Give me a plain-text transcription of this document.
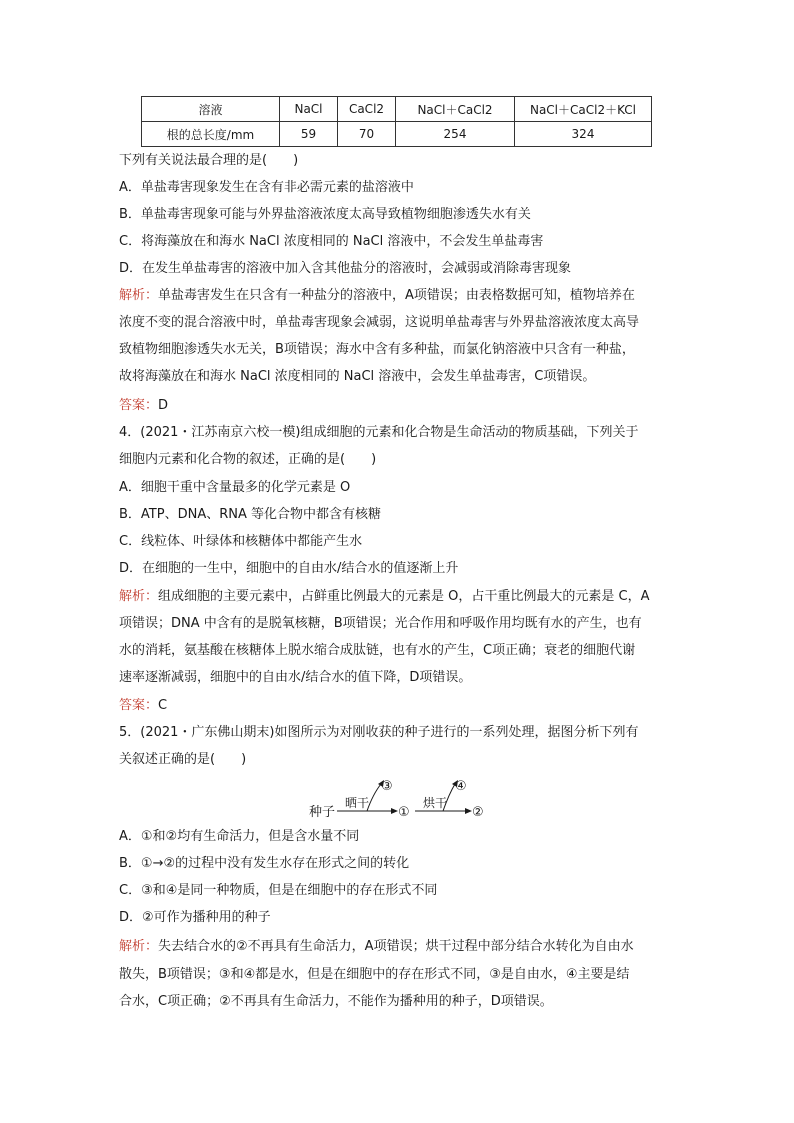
溶液	NaCl	CaCl2	NaCl＋CaCl2	NaCl＋CaCl2＋KCl
根的总长度/mm	59	70	254	324
下列有关说法最合理的是(　　)
A．单盐毒害现象发生在含有非必需元素的盐溶液中
B．单盐毒害现象可能与外界盐溶液浓度太高导致植物细胞渗透失水有关
C．将海藻放在和海水 NaCl 浓度相同的 NaCl 溶液中，不会发生单盐毒害
D．在发生单盐毒害的溶液中加入含其他盐分的溶液时，会减弱或消除毒害现象
解析：单盐毒害发生在只含有一种盐分的溶液中，A项错误；由表格数据可知，植物培养在
浓度不变的混合溶液中时，单盐毒害现象会减弱，这说明单盐毒害与外界盐溶液浓度太高导
致植物细胞渗透失水无关，B项错误；海水中含有多种盐，而氯化钠溶液中只含有一种盐，
故将海藻放在和海水 NaCl 浓度相同的 NaCl 溶液中，会发生单盐毒害，C项错误。
答案：D
4．(2021・江苏南京六校一模)组成细胞的元素和化合物是生命活动的物质基础，下列关于
细胞内元素和化合物的叙述，正确的是(　　)
A．细胞干重中含量最多的化学元素是 O
B．ATP、DNA、RNA 等化合物中都含有核糖
C．线粒体、叶绿体和核糖体中都能产生水
D．在细胞的一生中，细胞中的自由水/结合水的值逐渐上升
解析：组成细胞的主要元素中，占鲜重比例最大的元素是 O，占干重比例最大的元素是 C，A
项错误；DNA 中含有的是脱氧核糖，B项错误；光合作用和呼吸作用均既有水的产生，也有
水的消耗，氨基酸在核糖体上脱水缩合成肽链，也有水的产生，C项正确；衰老的细胞代谢
速率逐渐减弱，细胞中的自由水/结合水的值下降，D项错误。
答案：C
5．(2021・广东佛山期末)如图所示为对刚收获的种子进行的一系列处理，据图分析下列有
关叙述正确的是(　　)
种子
晒干
③
①
烘干
④
②
A．①和②均有生命活力，但是含水量不同
B．①→②的过程中没有发生水存在形式之间的转化
C．③和④是同一种物质，但是在细胞中的存在形式不同
D．②可作为播种用的种子
解析：失去结合水的②不再具有生命活力，A项错误；烘干过程中部分结合水转化为自由水
散失，B项错误；③和④都是水，但是在细胞中的存在形式不同，③是自由水，④主要是结
合水，C项正确；②不再具有生命活力，不能作为播种用的种子，D项错误。
